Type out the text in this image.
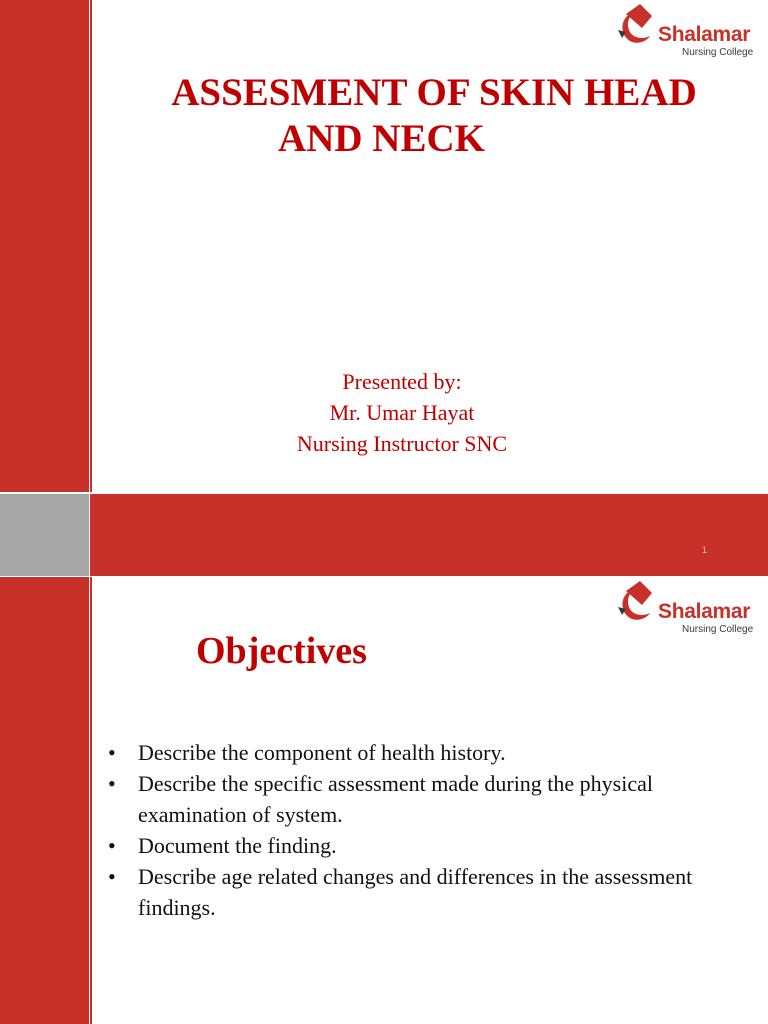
1
Shalamar
Nursing College
ASSESMENT OF SKIN HEAD

AND NECK
Presented by:
Mr. Umar Hayat
Nursing Instructor SNC
Shalamar
Nursing College
Objectives
• Describe the component of health history.
• Describe the specific assessment made during the physical examination of system.
• Document the finding.
• Describe age related changes and differences in the assessment findings.
